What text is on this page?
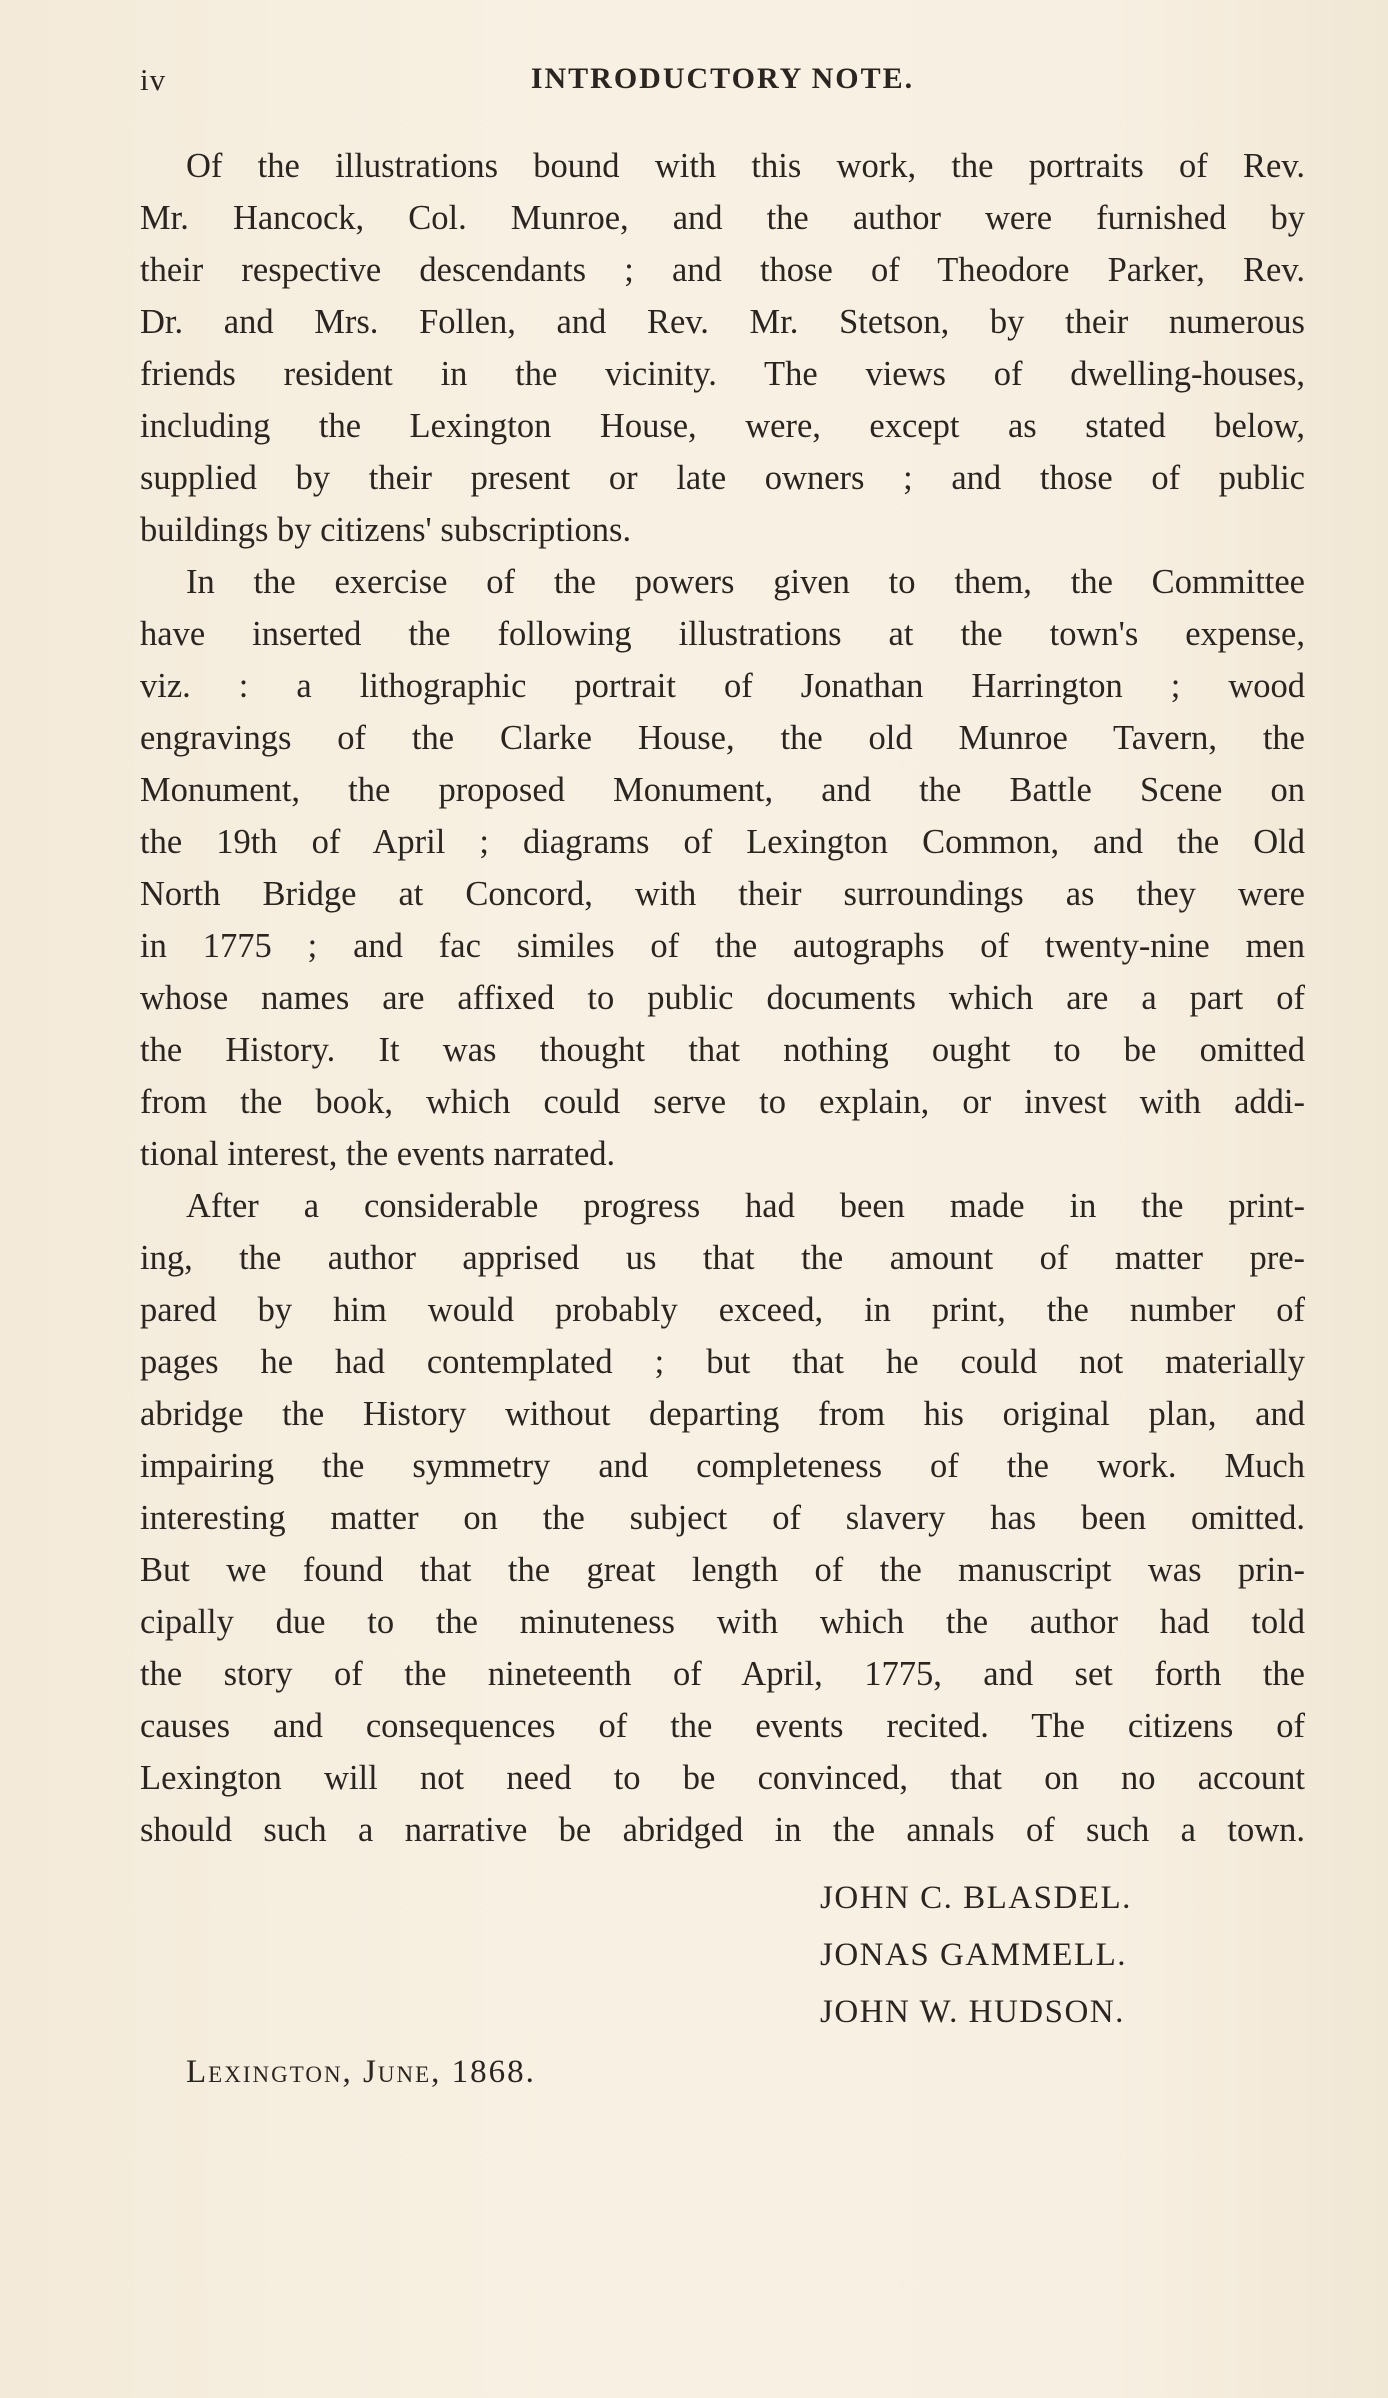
iv	INTRODUCTORY NOTE.
Of the illustrations bound with this work, the portraits of Rev.
Mr. Hancock, Col. Munroe, and the author were furnished by
their respective descendants ; and those of Theodore Parker, Rev.
Dr. and Mrs. Follen, and Rev. Mr. Stetson, by their numerous
friends resident in the vicinity. The views of dwelling-houses,
including the Lexington House, were, except as stated below,
supplied by their present or late owners ; and those of public
buildings by citizens' subscriptions.
In the exercise of the powers given to them, the Committee
have inserted the following illustrations at the town's expense,
viz. : a lithographic portrait of Jonathan Harrington ; wood
engravings of the Clarke House, the old Munroe Tavern, the
Monument, the proposed Monument, and the Battle Scene on
the 19th of April ; diagrams of Lexington Common, and the Old
North Bridge at Concord, with their surroundings as they were
in 1775 ; and fac similes of the autographs of twenty-nine men
whose names are affixed to public documents which are a part of
the History. It was thought that nothing ought to be omitted
from the book, which could serve to explain, or invest with addi-
tional interest, the events narrated.
After a considerable progress had been made in the print-
ing, the author apprised us that the amount of matter pre-
pared by him would probably exceed, in print, the number of
pages he had contemplated ; but that he could not materially
abridge the History without departing from his original plan, and
impairing the symmetry and completeness of the work. Much
interesting matter on the subject of slavery has been omitted.
But we found that the great length of the manuscript was prin-
cipally due to the minuteness with which the author had told
the story of the nineteenth of April, 1775, and set forth the
causes and consequences of the events recited. The citizens of
Lexington will not need to be convinced, that on no account
should such a narrative be abridged in the annals of such a town.
JOHN C. BLASDEL.
JONAS GAMMELL.
JOHN W. HUDSON.
Lexington, June, 1868.
